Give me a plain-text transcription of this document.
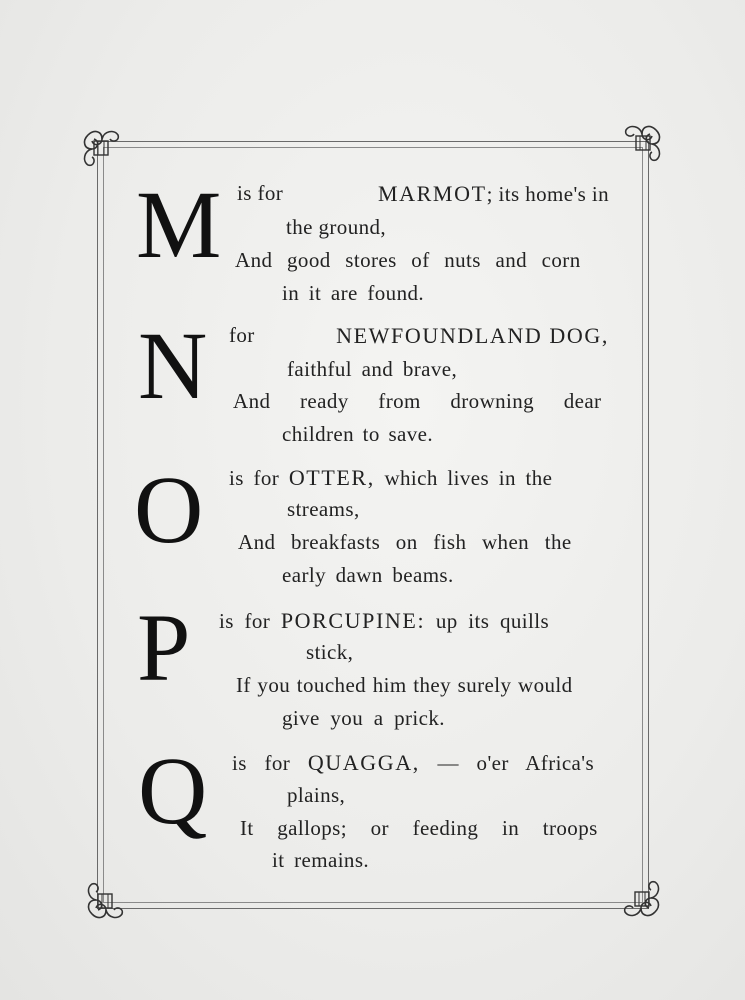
M is for	MARMOT; its home's in
the ground,
And good stores of nuts and corn
in it are found.
N for	NEWFOUNDLAND DOG,
faithful and brave,
And ready from drowning dear
children to save.
O is for OTTER, which lives in the
streams,
And breakfasts on fish when the
early dawn beams.
P is for PORCUPINE: up its quills
stick,
If you touched him they surely would
give you a prick.
Q is for QUAGGA, — o'er Africa's
plains,
It gallops; or feeding in troops
it remains.
